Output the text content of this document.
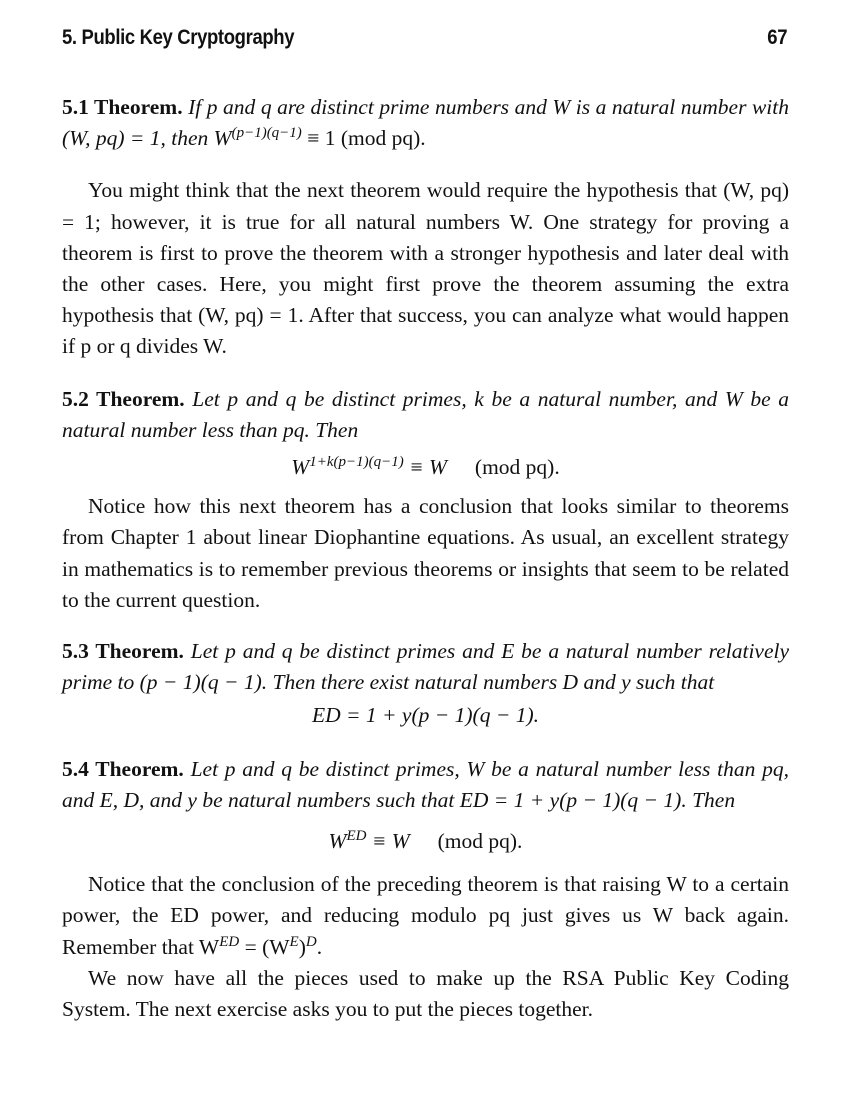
5. Public Key Cryptography	67

5.1 Theorem. If p and q are distinct prime numbers and W is a natural number with (W, pq) = 1, then $W^{(p-1)(q-1)} \equiv 1$ (mod pq).

You might think that the next theorem would require the hypothesis that (W, pq) = 1; however, it is true for all natural numbers W. One strategy for proving a theorem is first to prove the theorem with a stronger hypothesis and later deal with the other cases. Here, you might first prove the theorem assuming the extra hypothesis that (W, pq) = 1. After that success, you can analyze what would happen if p or q divides W.

5.2 Theorem. Let p and q be distinct primes, k be a natural number, and W be a natural number less than pq. Then

$W^{1+k(p-1)(q-1)} \equiv W$ (mod pq).

Notice how this next theorem has a conclusion that looks similar to theorems from Chapter 1 about linear Diophantine equations. As usual, an excellent strategy in mathematics is to remember previous theorems or insights that seem to be related to the current question.

5.3 Theorem. Let p and q be distinct primes and E be a natural number relatively prime to (p − 1)(q − 1). Then there exist natural numbers D and y such that

ED = 1 + y(p − 1)(q − 1).

5.4 Theorem. Let p and q be distinct primes, W be a natural number less than pq, and E, D, and y be natural numbers such that ED = 1 + y(p − 1)(q − 1). Then

$W^{ED} \equiv W$ (mod pq).

Notice that the conclusion of the preceding theorem is that raising W to a certain power, the ED power, and reducing modulo pq just gives us W back again. Remember that $W^{ED} = (W^E)^D$.

We now have all the pieces used to make up the RSA Public Key Coding System. The next exercise asks you to put the pieces together.
